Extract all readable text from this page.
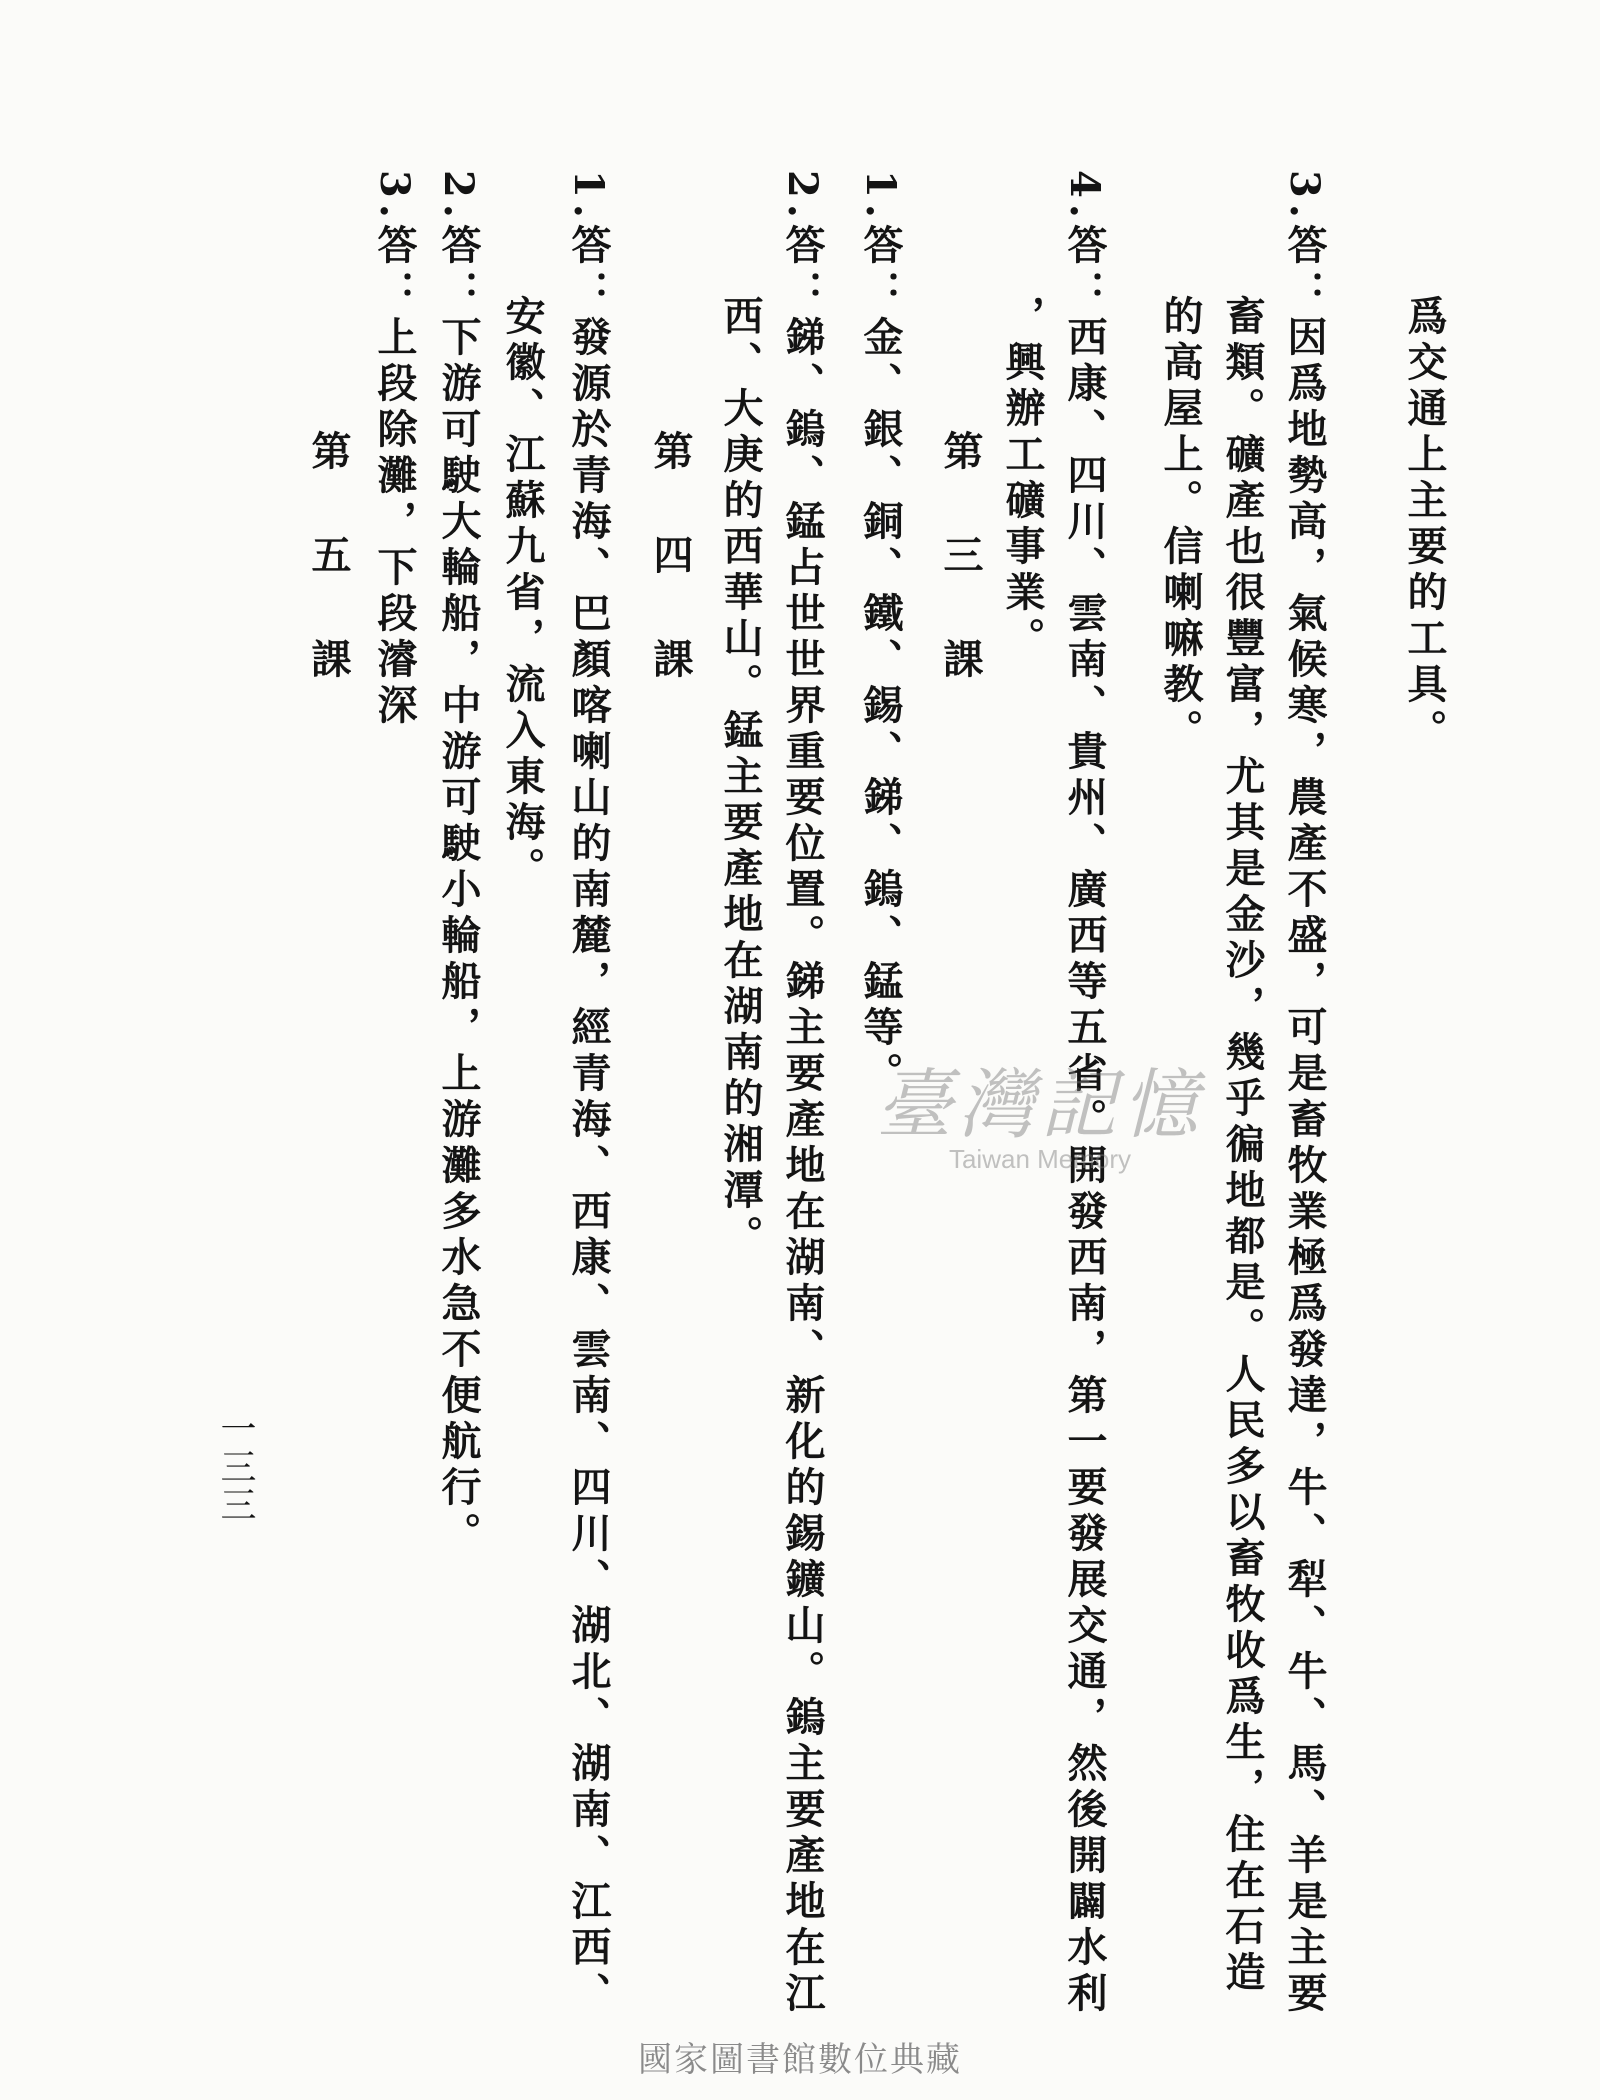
爲交通上主要的工具。
3.答：因爲地勢高，氣候寒，農產不盛，可是畜牧業極爲發達，牛、犁、牛、馬、羊是主要
畜類。礦產也很豐富，尤其是金沙，幾乎徧地都是。人民多以畜牧收爲生，住在石造
的高屋上。信喇嘛教。
4.答：西康、四川、雲南、貴州、廣西等五省。開發西南，第一要發展交通，然後開闢水利
，興辦工礦事業。
第三課
1.答：金、銀、銅、鐵、錫、銻、鎢、錳等。
2.答：銻、鎢、錳占世世界重要位置。銻主要產地在湖南、新化的錫鑛山。鎢主要產地在江
西、大庚的西華山。錳主要產地在湖南的湘潭。
第四課
1.答：發源於青海、巴顏喀喇山的南麓，經青海、西康、雲南、四川、湖北、湖南、江西、
安徽、江蘇九省，流入東海。
2.答：下游可駛大輪船，中游可駛小輪船，上游灘多水急不便航行。
3.答：上段除灘，下段濬深
第五課
一三三
臺灣記憶
Taiwan Memory
國家圖書館數位典藏
